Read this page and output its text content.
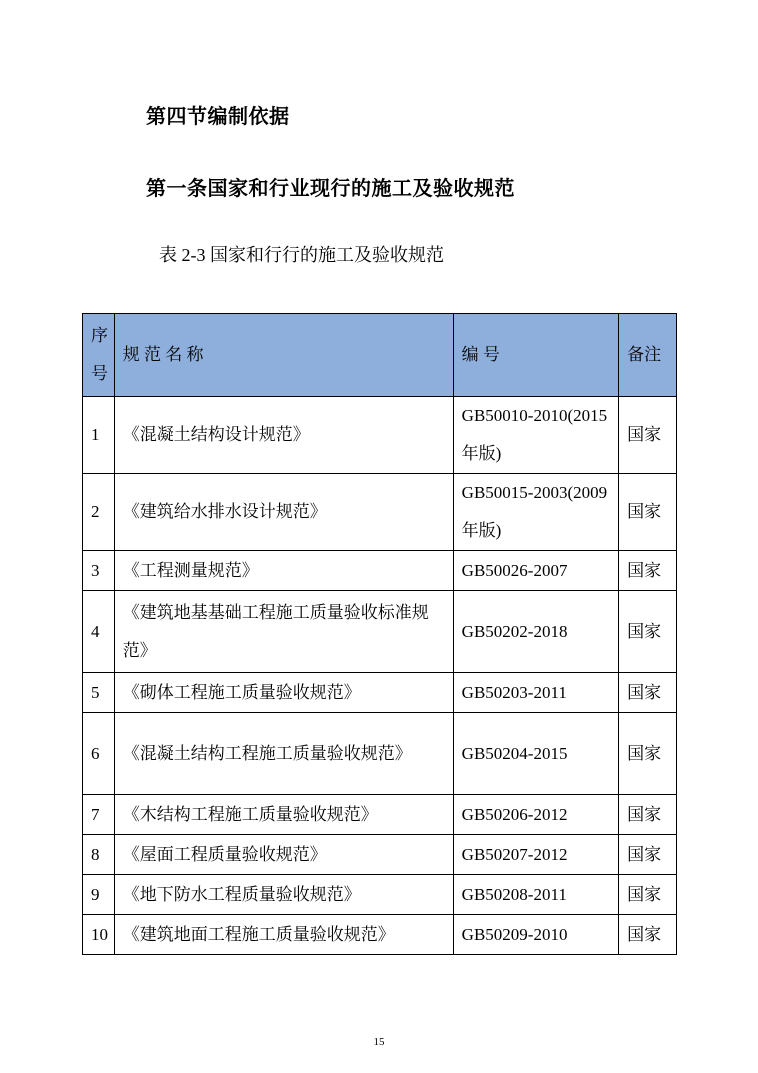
第四节编制依据
第一条国家和行业现行的施工及验收规范
表 2-3 国家和行行的施工及验收规范
序号	规 范 名 称	编 号	备注
1	《混凝土结构设计规范》	GB50010-2010(2015 年版)	国家
2	《建筑给水排水设计规范》	GB50015-2003(2009 年版)	国家
3	《工程测量规范》	GB50026-2007	国家
4	《建筑地基基础工程施工质量验收标准规范》	GB50202-2018	国家
5	《砌体工程施工质量验收规范》	GB50203-2011	国家
6	《混凝土结构工程施工质量验收规范》	GB50204-2015	国家
7	《木结构工程施工质量验收规范》	GB50206-2012	国家
8	《屋面工程质量验收规范》	GB50207-2012	国家
9	《地下防水工程质量验收规范》	GB50208-2011	国家
10	《建筑地面工程施工质量验收规范》	GB50209-2010	国家
15
